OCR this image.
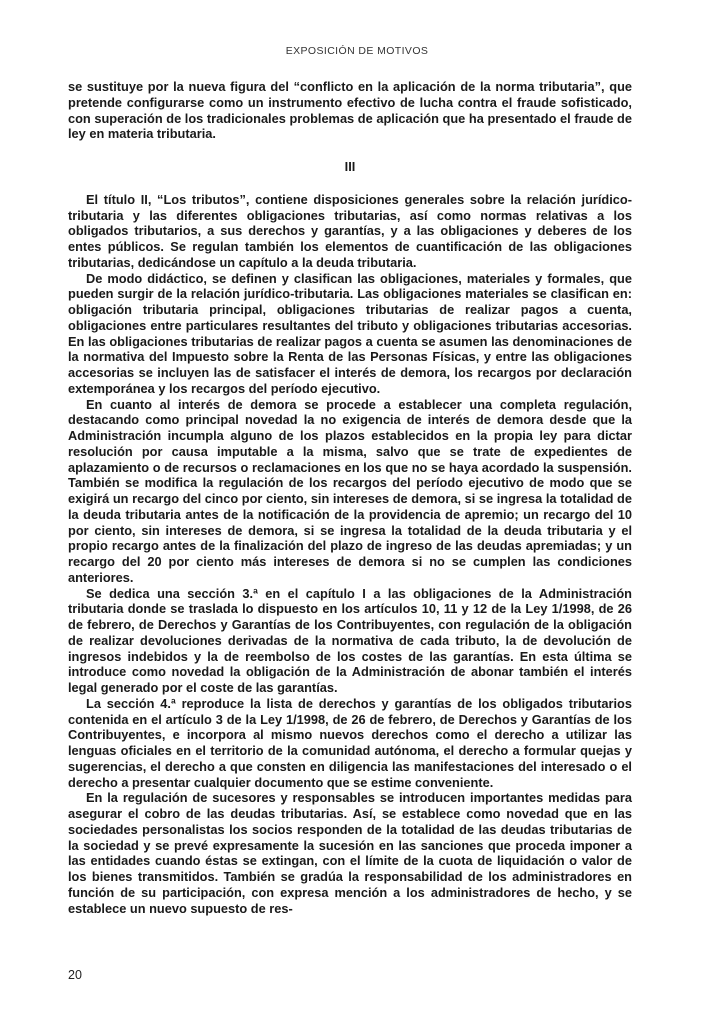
EXPOSICIÓN DE MOTIVOS

se sustituye por la nueva figura del “conflicto en la aplicación de la norma tributaria”, que pretende configurarse como un instrumento efectivo de lucha contra el fraude sofisticado, con superación de los tradicionales problemas de aplicación que ha presentado el fraude de ley en materia tributaria.

III

El título II, “Los tributos”, contiene disposiciones generales sobre la relación jurídico-tributaria y las diferentes obligaciones tributarias, así como normas relativas a los obligados tributarios, a sus derechos y garantías, y a las obligaciones y deberes de los entes públicos. Se regulan también los elementos de cuantificación de las obligaciones tributarias, dedicándose un capítulo a la deuda tributaria.

De modo didáctico, se definen y clasifican las obligaciones, materiales y formales, que pueden surgir de la relación jurídico-tributaria. Las obligaciones materiales se clasifican en: obligación tributaria principal, obligaciones tributarias de realizar pagos a cuenta, obligaciones entre particulares resultantes del tributo y obligaciones tributarias accesorias. En las obligaciones tributarias de realizar pagos a cuenta se asumen las denominaciones de la normativa del Impuesto sobre la Renta de las Personas Físicas, y entre las obligaciones accesorias se incluyen las de satisfacer el interés de demora, los recargos por declaración extemporánea y los recargos del período ejecutivo.

En cuanto al interés de demora se procede a establecer una completa regulación, destacando como principal novedad la no exigencia de interés de demora desde que la Administración incumpla alguno de los plazos establecidos en la propia ley para dictar resolución por causa imputable a la misma, salvo que se trate de expedientes de aplazamiento o de recursos o reclamaciones en los que no se haya acordado la suspensión. También se modifica la regulación de los recargos del período ejecutivo de modo que se exigirá un recargo del cinco por ciento, sin intereses de demora, si se ingresa la totalidad de la deuda tributaria antes de la notificación de la providencia de apremio; un recargo del 10 por ciento, sin intereses de demora, si se ingresa la totalidad de la deuda tributaria y el propio recargo antes de la finalización del plazo de ingreso de las deudas apremiadas; y un recargo del 20 por ciento más intereses de demora si no se cumplen las condiciones anteriores.

Se dedica una sección 3.ª en el capítulo I a las obligaciones de la Administración tributaria donde se traslada lo dispuesto en los artículos 10, 11 y 12 de la Ley 1/1998, de 26 de febrero, de Derechos y Garantías de los Contribuyentes, con regulación de la obligación de realizar devoluciones derivadas de la normativa de cada tributo, la de devolución de ingresos indebidos y la de reembolso de los costes de las garantías. En esta última se introduce como novedad la obligación de la Administración de abonar también el interés legal generado por el coste de las garantías.

La sección 4.ª reproduce la lista de derechos y garantías de los obligados tributarios contenida en el artículo 3 de la Ley 1/1998, de 26 de febrero, de Derechos y Garantías de los Contribuyentes, e incorpora al mismo nuevos derechos como el derecho a utilizar las lenguas oficiales en el territorio de la comunidad autónoma, el derecho a formular quejas y sugerencias, el derecho a que consten en diligencia las manifestaciones del interesado o el derecho a presentar cualquier documento que se estime conveniente.

En la regulación de sucesores y responsables se introducen importantes medidas para asegurar el cobro de las deudas tributarias. Así, se establece como novedad que en las sociedades personalistas los socios responden de la totalidad de las deudas tributarias de la sociedad y se prevé expresamente la sucesión en las sanciones que proceda imponer a las entidades cuando éstas se extingan, con el límite de la cuota de liquidación o valor de los bienes transmitidos. También se gradúa la responsabilidad de los administradores en función de su participación, con expresa mención a los administradores de hecho, y se establece un nuevo supuesto de res-

20
